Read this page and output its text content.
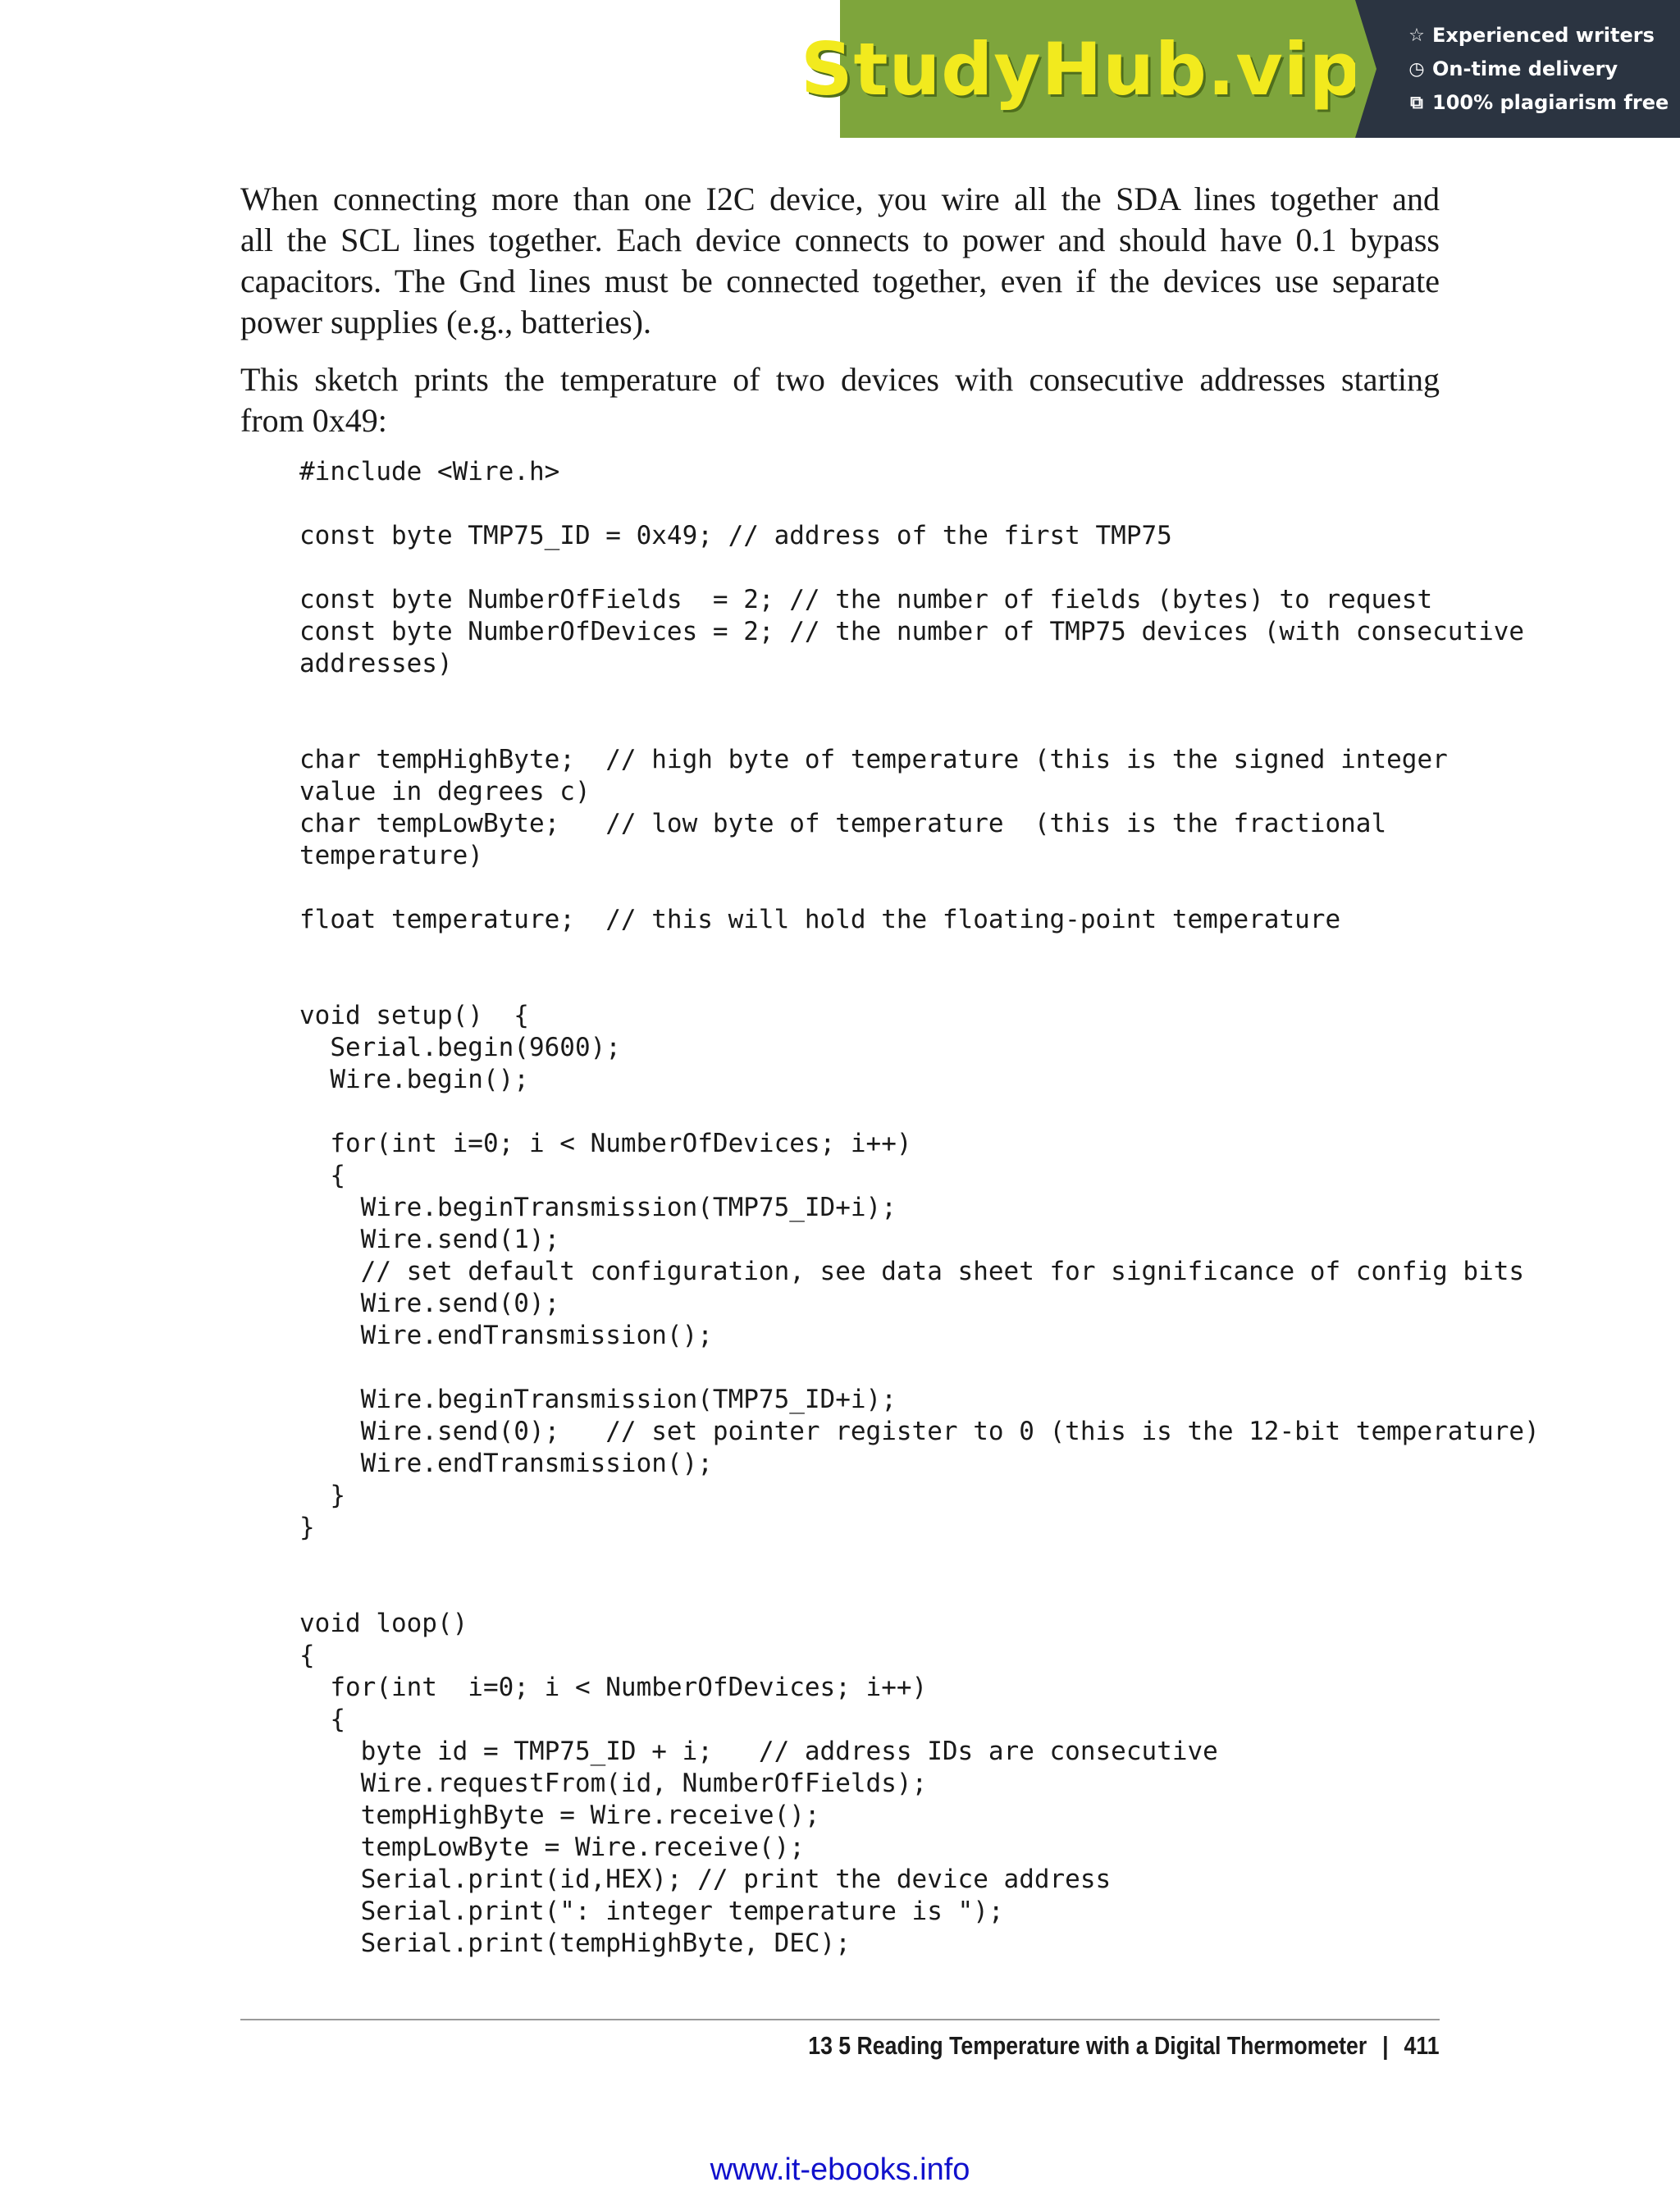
StudyHub.vip	☆ Experienced writers
◷ On-time delivery
⧉ 100% plagiarism free
When connecting more than one I2C device, you wire all the SDA lines together and
all the SCL lines together. Each device connects to power and should have 0.1 bypass
capacitors. The Gnd lines must be connected together, even if the devices use separate
power supplies (e.g., batteries).
This sketch prints the temperature of two devices with consecutive addresses starting
from 0x49:
#include <Wire.h>

const byte TMP75_ID = 0x49; // address of the first TMP75

const byte NumberOfFields  = 2; // the number of fields (bytes) to request
const byte NumberOfDevices = 2; // the number of TMP75 devices (with consecutive
addresses)

char tempHighByte;  // high byte of temperature (this is the signed integer
value in degrees c)
char tempLowByte;   // low byte of temperature  (this is the fractional
temperature)

float temperature;  // this will hold the floating-point temperature

void setup()  {
Serial.begin(9600);
Wire.begin();

for(int i=0; i < NumberOfDevices; i++)
{
Wire.beginTransmission(TMP75_ID+i);
Wire.send(1);
// set default configuration, see data sheet for significance of config bits
Wire.send(0);
Wire.endTransmission();

Wire.beginTransmission(TMP75_ID+i);
Wire.send(0);   // set pointer register to 0 (this is the 12-bit temperature)
Wire.endTransmission();
}
}

void loop()
{
for(int  i=0; i < NumberOfDevices; i++)
{
byte id = TMP75_ID + i;   // address IDs are consecutive
Wire.requestFrom(id, NumberOfFields);
tempHighByte = Wire.receive();
tempLowByte = Wire.receive();
Serial.print(id,HEX); // print the device address
Serial.print(": integer temperature is ");
Serial.print(tempHighByte, DEC);
13 5 Reading Temperature with a Digital Thermometer | 411
www.it-ebooks.info
